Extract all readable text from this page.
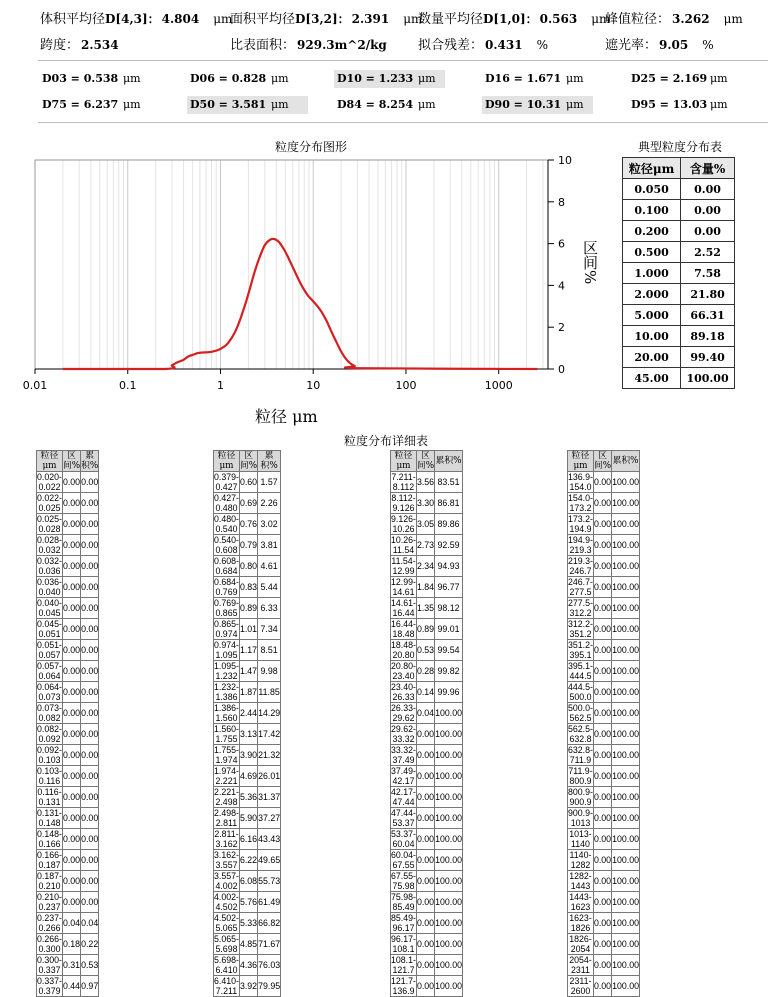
体积平均径D[4,3]： 4.804 μm
面积平均径D[3,2]： 2.391 μm
数量平均径D[1,0]： 0.563 μm
峰值粒径： 3.262 μm
跨度： 2.534	比表面积： 929.3m^2/kg	拟合残差： 0.431 %	遮光率： 9.05 %
D03 = 0.538 μm	D06 = 0.828 μm	D10 = 1.233 μm	D16 = 1.671 μm	D25 = 2.169 μm
D75 = 6.237 μm	D50 = 3.581 μm	D84 = 8.254 μm	D90 = 10.31 μm	D95 = 13.03 μm
粒度分布图形
0.01	0.1	1	10	100	1000
0
2
4
6
8
10
区间%
粒径 μm
典型粒度分布表
粒径μm	含量%
0.050	0.00
0.100	0.00
0.200	0.00
0.500	2.52
1.000	7.58
2.000	21.80
5.000	66.31
10.00	89.18
20.00	99.40
45.00	100.00
粒度分布详细表
粒径μm	区间%	累积%
0.020-0.022	0.00	0.00
0.022-0.025	0.00	0.00
0.025-0.028	0.00	0.00
0.028-0.032	0.00	0.00
0.032-0.036	0.00	0.00
0.036-0.040	0.00	0.00
0.040-0.045	0.00	0.00
0.045-0.051	0.00	0.00
0.051-0.057	0.00	0.00
0.057-0.064	0.00	0.00
0.064-0.073	0.00	0.00
0.073-0.082	0.00	0.00
0.082-0.092	0.00	0.00
0.092-0.103	0.00	0.00
0.103-0.116	0.00	0.00
0.116-0.131	0.00	0.00
0.131-0.148	0.00	0.00
0.148-0.166	0.00	0.00
0.166-0.187	0.00	0.00
0.187-0.210	0.00	0.00
0.210-0.237	0.00	0.00
0.237-0.266	0.04	0.04
0.266-0.300	0.18	0.22
0.300-0.337	0.31	0.53
0.337-0.379	0.44	0.97
粒径μm	区间%	累积%
0.379-0.427	0.60	1.57
0.427-0.480	0.69	2.26
0.480-0.540	0.76	3.02
0.540-0.608	0.79	3.81
0.608-0.684	0.80	4.61
0.684-0.769	0.83	5.44
0.769-0.865	0.89	6.33
0.865-0.974	1.01	7.34
0.974-1.095	1.17	8.51
1.095-1.232	1.47	9.98
1.232-1.386	1.87	11.85
1.386-1.560	2.44	14.29
1.560-1.755	3.13	17.42
1.755-1.974	3.90	21.32
1.974-2.221	4.69	26.01
2.221-2.498	5.36	31.37
2.498-2.811	5.90	37.27
2.811-3.162	6.16	43.43
3.162-3.557	6.22	49.65
3.557-4.002	6.08	55.73
4.002-4.502	5.76	61.49
4.502-5.065	5.33	66.82
5.065-5.698	4.85	71.67
5.698-6.410	4.36	76.03
6.410-7.211	3.92	79.95
粒径μm	区间%	累积%
7.211-8.112	3.56	83.51
8.112-9.126	3.30	86.81
9.126-10.26	3.05	89.86
10.26-11.54	2.73	92.59
11.54-12.99	2.34	94.93
12.99-14.61	1.84	96.77
14.61-16.44	1.35	98.12
16.44-18.48	0.89	99.01
18.48-20.80	0.53	99.54
20.80-23.40	0.28	99.82
23.40-26.33	0.14	99.96
26.33-29.62	0.04	100.00
29.62-33.32	0.00	100.00
33.32-37.49	0.00	100.00
37.49-42.17	0.00	100.00
42.17-47.44	0.00	100.00
47.44-53.37	0.00	100.00
53.37-60.04	0.00	100.00
60.04-67.55	0.00	100.00
67.55-75.98	0.00	100.00
75.98-85.49	0.00	100.00
85.49-96.17	0.00	100.00
96.17-108.1	0.00	100.00
108.1-121.7	0.00	100.00
121.7-136.9	0.00	100.00
粒径μm	区间%	累积%
136.9-154.0	0.00	100.00
154.0-173.2	0.00	100.00
173.2-194.9	0.00	100.00
194.9-219.3	0.00	100.00
219.3-246.7	0.00	100.00
246.7-277.5	0.00	100.00
277.5-312.2	0.00	100.00
312.2-351.2	0.00	100.00
351.2-395.1	0.00	100.00
395.1-444.5	0.00	100.00
444.5-500.0	0.00	100.00
500.0-562.5	0.00	100.00
562.5-632.8	0.00	100.00
632.8-711.9	0.00	100.00
711.9-800.9	0.00	100.00
800.9-900.9	0.00	100.00
900.9-1013	0.00	100.00
1013-1140	0.00	100.00
1140-1282	0.00	100.00
1282-1443	0.00	100.00
1443-1623	0.00	100.00
1623-1826	0.00	100.00
1826-2054	0.00	100.00
2054-2311	0.00	100.00
2311-2600	0.00	100.00
